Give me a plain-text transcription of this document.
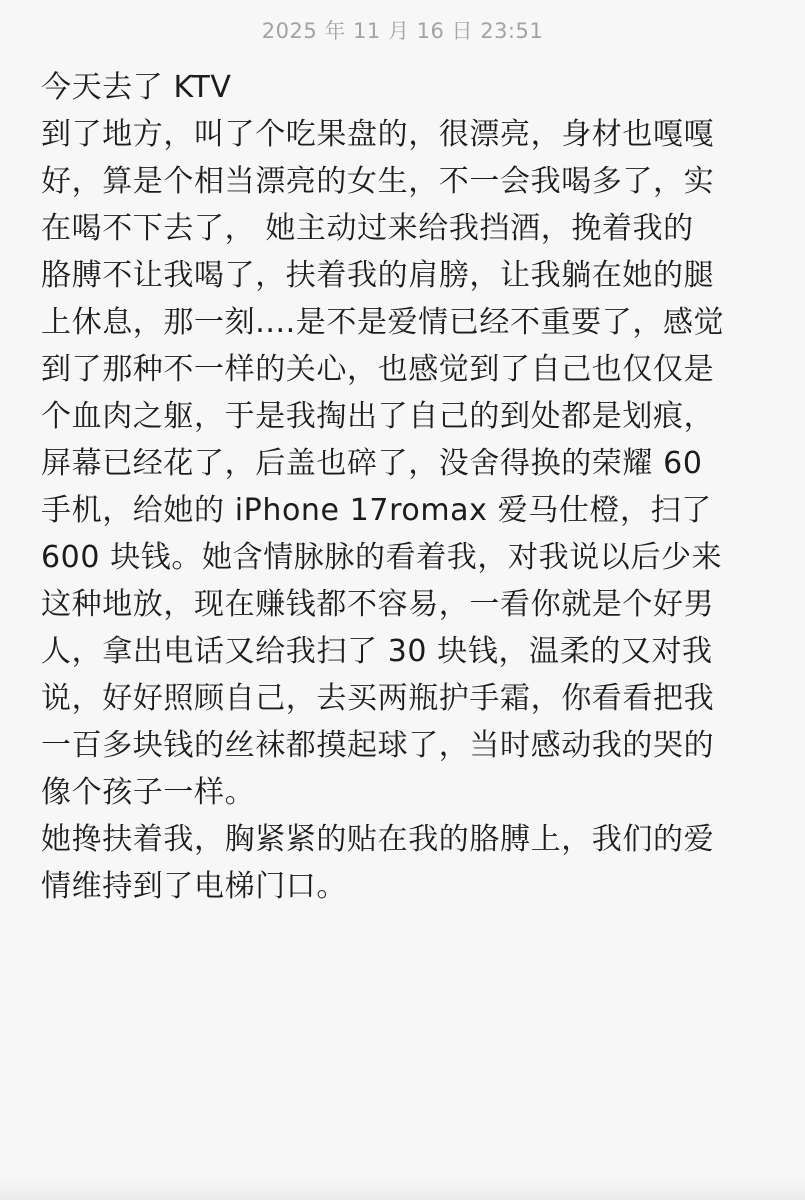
2025 年 11 月 16 日 23:51
今天去了 KTV
到了地方，叫了个吃果盘的，很漂亮，身材也嘎嘎
好，算是个相当漂亮的女生，不一会我喝多了，实
在喝不下去了， 她主动过来给我挡酒，挽着我的
胳膊不让我喝了，扶着我的肩膀，让我躺在她的腿
上休息，那一刻....是不是爱情已经不重要了，感觉
到了那种不一样的关心，也感觉到了自己也仅仅是
个血肉之躯，于是我掏出了自己的到处都是划痕，
屏幕已经花了，后盖也碎了，没舍得换的荣耀 60
手机，给她的 iPhone 17romax 爱马仕橙，扫了
600 块钱。她含情脉脉的看着我，对我说以后少来
这种地放，现在赚钱都不容易，一看你就是个好男
人，拿出电话又给我扫了 30 块钱，温柔的又对我
说，好好照顾自己，去买两瓶护手霜，你看看把我
一百多块钱的丝袜都摸起球了，当时感动我的哭的
像个孩子一样。
她搀扶着我，胸紧紧的贴在我的胳膊上，我们的爱
情维持到了电梯门口。
